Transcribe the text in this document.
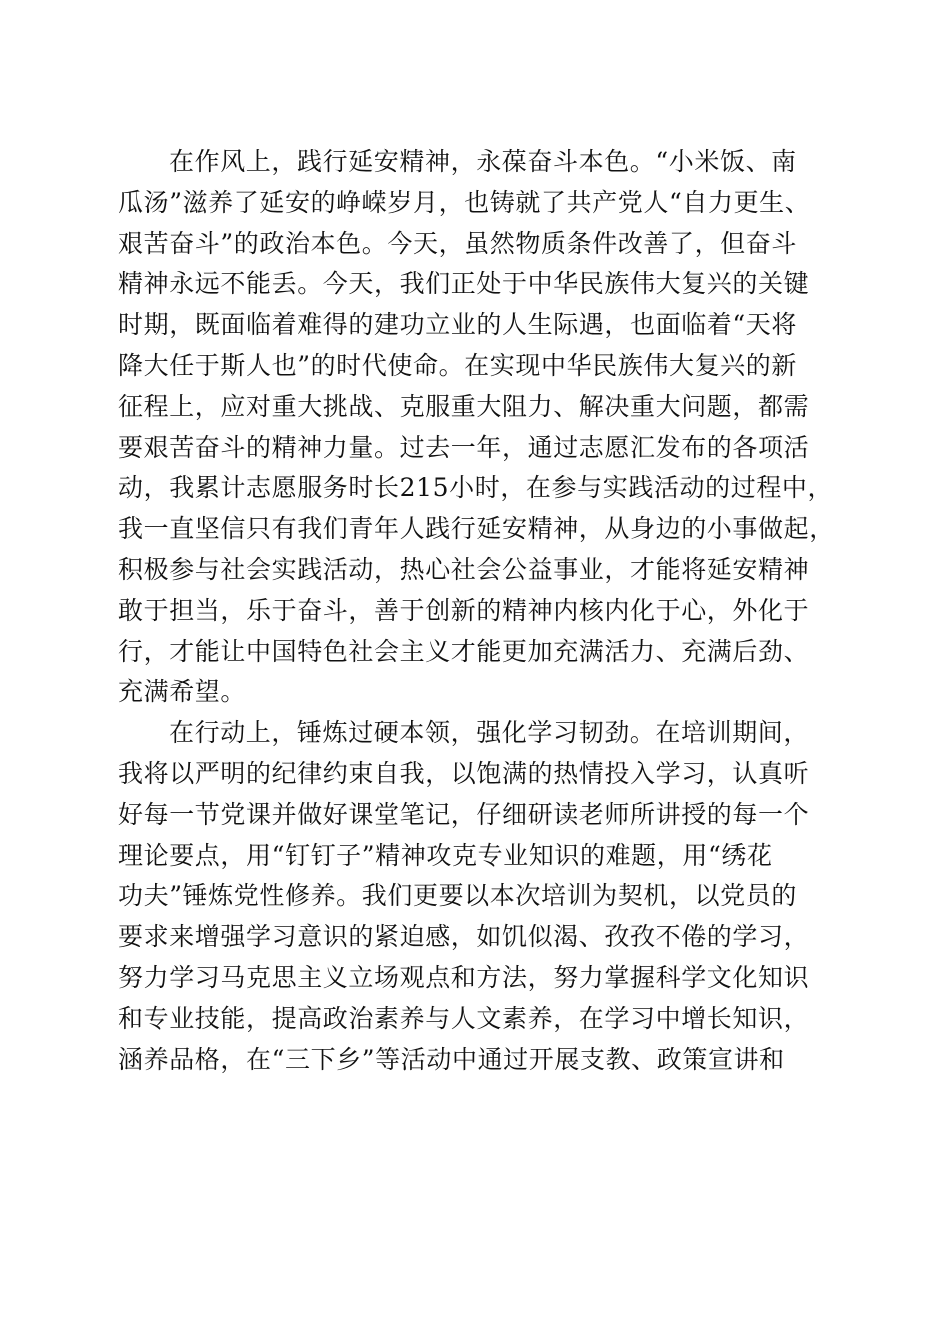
在作风上，践行延安精神，永葆奋斗本色。“小米饭、南
瓜汤”滋养了延安的峥嵘岁月，也铸就了共产党人“自力更生、
艰苦奋斗”的政治本色。今天，虽然物质条件改善了，但奋斗
精神永远不能丢。今天，我们正处于中华民族伟大复兴的关键
时期，既面临着难得的建功立业的人生际遇，也面临着“天将
降大任于斯人也”的时代使命。在实现中华民族伟大复兴的新
征程上，应对重大挑战、克服重大阻力、解决重大问题，都需
要艰苦奋斗的精神力量。过去一年，通过志愿汇发布的各项活
动，我累计志愿服务时长215小时，在参与实践活动的过程中，
我一直坚信只有我们青年人践行延安精神，从身边的小事做起，
积极参与社会实践活动，热心社会公益事业，才能将延安精神
敢于担当，乐于奋斗，善于创新的精神内核内化于心，外化于
行，才能让中国特色社会主义才能更加充满活力、充满后劲、
充满希望。
在行动上，锤炼过硬本领，强化学习韧劲。在培训期间，
我将以严明的纪律约束自我，以饱满的热情投入学习，认真听
好每一节党课并做好课堂笔记，仔细研读老师所讲授的每一个
理论要点，用“钉钉子”精神攻克专业知识的难题，用“绣花
功夫”锤炼党性修养。我们更要以本次培训为契机，以党员的
要求来增强学习意识的紧迫感，如饥似渴、孜孜不倦的学习，
努力学习马克思主义立场观点和方法，努力掌握科学文化知识
和专业技能，提高政治素养与人文素养，在学习中增长知识，
涵养品格，在“三下乡”等活动中通过开展支教、政策宣讲和
